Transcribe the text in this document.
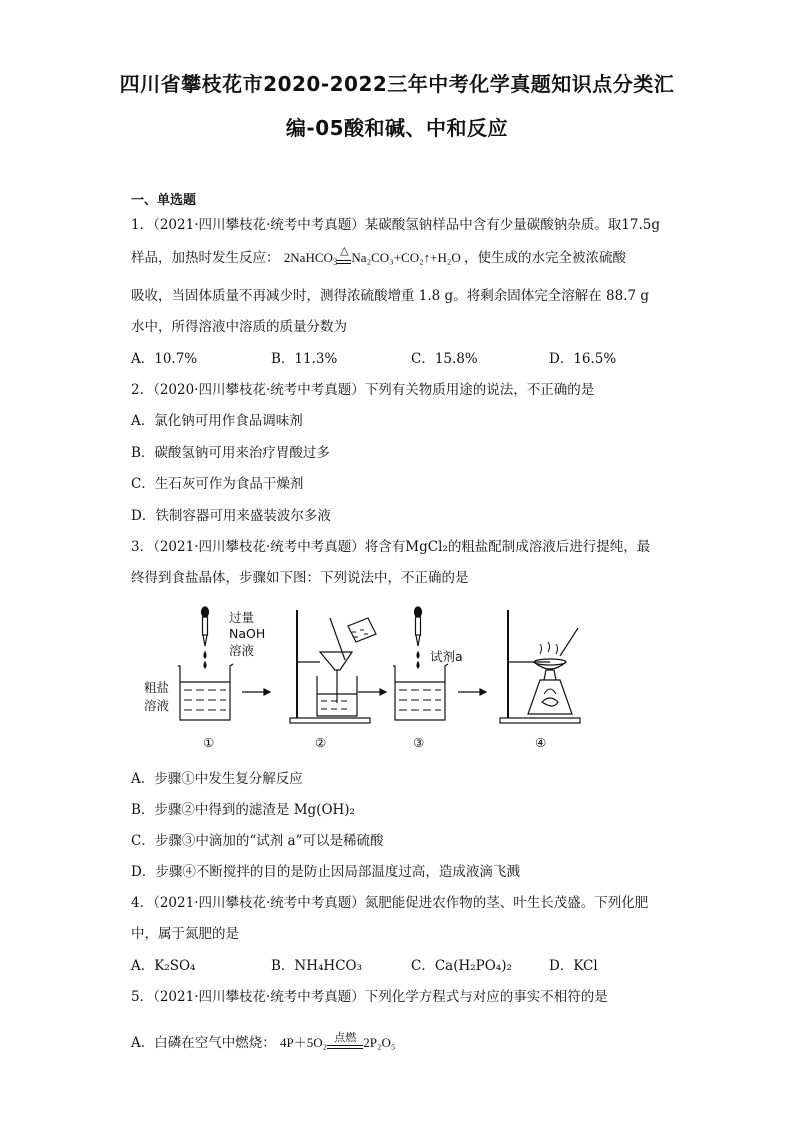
四川省攀枝花市2020-2022三年中考化学真题知识点分类汇
编-05酸和碱、中和反应
一、单选题
1．（2021·四川攀枝花·统考中考真题）某碳酸氢钠样品中含有少量碳酸钠杂质。取17.5g
样品，加热时发生反应： 2NaHCO$_3$
△ Na₂CO₃+CO₂↑+H₂O ，使生成的水完全被浓硫酸
吸收，当固体质量不再减少时，测得浓硫酸增重 1.8 g。将剩余固体完全溶解在 88.7 g
水中，所得溶液中溶质的质量分数为
A．10.7%	B．11.3%	C．15.8%	D．16.5%
2．（2020·四川攀枝花·统考中考真题）下列有关物质用途的说法，不正确的是
A．氯化钠可用作食品调味剂
B．碳酸氢钠可用来治疗胃酸过多
C．生石灰可作为食品干燥剂
D．铁制容器可用来盛装波尔多液
3．（2021·四川攀枝花·统考中考真题）将含有MgCl₂的粗盐配制成溶液后进行提纯，最
终得到食盐晶体，步骤如下图：下列说法中，不正确的是
过量
NaOH
溶液
粗盐
溶液
试剂a
①	②	③	④
A．步骤①中发生复分解反应
B．步骤②中得到的滤渣是 Mg(OH)₂
C．步骤③中滴加的“试剂 a”可以是稀硫酸
D．步骤④不断搅拌的目的是防止因局部温度过高，造成液滴飞溅
4．（2021·四川攀枝花·统考中考真题）氮肥能促进农作物的茎、叶生长茂盛。下列化肥
中，属于氮肥的是
A．K₂SO₄	B．NH₄HCO₃	C．Ca(H₂PO₄)₂	D．KCl
5．（2021·四川攀枝花·统考中考真题）下列化学方程式与对应的事实不相符的是
A．白磷在空气中燃烧： 4P＋5O₂ 点燃 2P₂O₅
